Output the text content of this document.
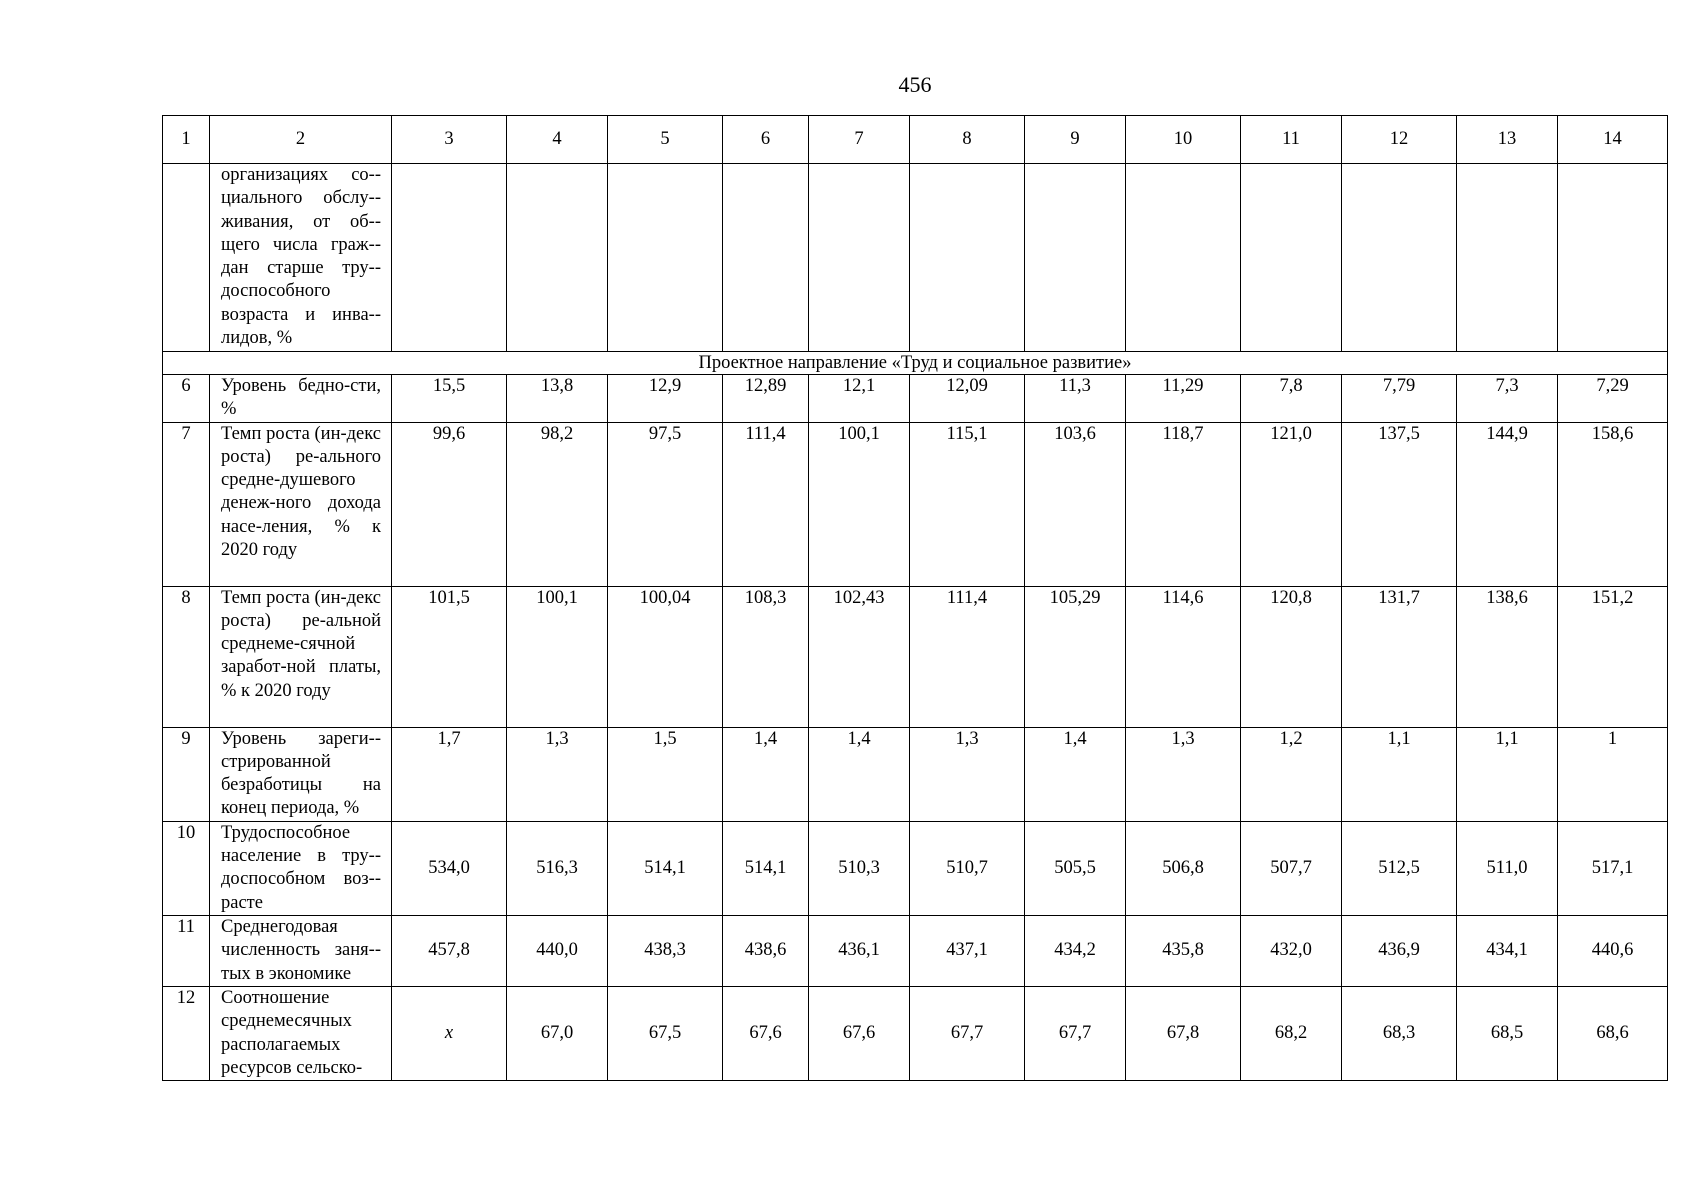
456
1	2	3	4	5	6	7	8	9	10	11	12	13	14
	организациях со-циального обслу-живания, от об-щего числа граж-дан старше тру-доспособного возраста и инва-лидов, %												
Проектное направление «Труд и социальное развитие»													
6	Уровень бедно-сти, %	15,5	13,8	12,9	12,89	12,1	12,09	11,3	11,29	7,8	7,79	7,3	7,29
7	Темп роста (ин-декс роста) ре-ального средне-душевого денеж-ного дохода насе-ления, % к 2020 году	99,6	98,2	97,5	111,4	100,1	115,1	103,6	118,7	121,0	137,5	144,9	158,6
8	Темп роста (ин-декс роста) ре-альной среднеме-сячной заработ-ной платы, % к 2020 году	101,5	100,1	100,04	108,3	102,43	111,4	105,29	114,6	120,8	131,7	138,6	151,2
9	Уровень зареги-стрированной безработицы на конец периода, %	1,7	1,3	1,5	1,4	1,4	1,3	1,4	1,3	1,2	1,1	1,1	1
10	Трудоспособное население в тру-доспособном воз-расте	534,0	516,3	514,1	514,1	510,3	510,7	505,5	506,8	507,7	512,5	511,0	517,1
11	Среднегодовая численность заня-тых в экономике	457,8	440,0	438,3	438,6	436,1	437,1	434,2	435,8	432,0	436,9	434,1	440,6
12	Соотношение среднемесячных располагаемых ресурсов сельско-	x	67,0	67,5	67,6	67,6	67,7	67,7	67,8	68,2	68,3	68,5	68,6
